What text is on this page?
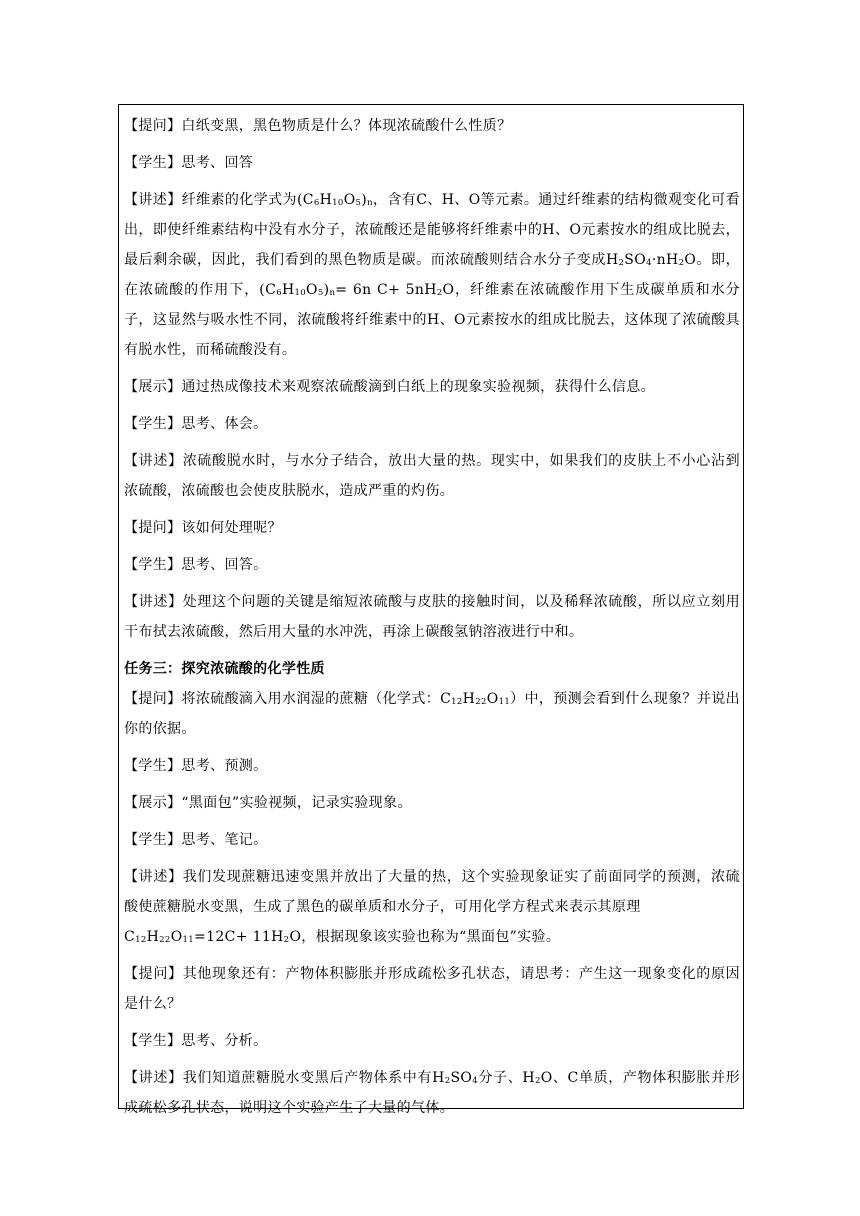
【提问】白纸变黑，黑色物质是什么？体现浓硫酸什么性质？

【学生】思考、回答

【讲述】纤维素的化学式为$(C_6H_{10}O_5)_n$，含有C、H、O等元素。通过纤维素的结构微观变化可看出，即使纤维素结构中没有水分子，浓硫酸还是能够将纤维素中的H、O元素按水的组成比脱去，最后剩余碳，因此，我们看到的黑色物质是碳。而浓硫酸则结合水分子变成$H_2SO_4\cdot nH_2O$。即，在浓硫酸的作用下，$(C_6H_{10}O_5)_n= 6n$ $C+ 5nH_2O$，纤维素在浓硫酸作用下生成碳单质和水分子，这显然与吸水性不同，浓硫酸将纤维素中的H、O元素按水的组成比脱去，这体现了浓硫酸具有脱水性，而稀硫酸没有。

【展示】通过热成像技术来观察浓硫酸滴到白纸上的现象实验视频，获得什么信息。

【学生】思考、体会。

【讲述】浓硫酸脱水时，与水分子结合，放出大量的热。现实中，如果我们的皮肤上不小心沾到浓硫酸，浓硫酸也会使皮肤脱水，造成严重的灼伤。

【提问】该如何处理呢？

【学生】思考、回答。

【讲述】处理这个问题的关键是缩短浓硫酸与皮肤的接触时间，以及稀释浓硫酸，所以应立刻用干布拭去浓硫酸，然后用大量的水冲洗，再涂上碳酸氢钠溶液进行中和。

任务三：探究浓硫酸的化学性质

【提问】将浓硫酸滴入用水润湿的蔗糖（化学式：$C_{12}H_{22}O_{11}$）中，预测会看到什么现象？并说出你的依据。

【学生】思考、预测。

【展示】“黑面包”实验视频，记录实验现象。

【学生】思考、笔记。

【讲述】我们发现蔗糖迅速变黑并放出了大量的热，这个实验现象证实了前面同学的预测，浓硫酸使蔗糖脱水变黑，生成了黑色的碳单质和水分子，可用化学方程式来表示其原理
$C_{12}H_{22}O_{11}=12C+ 11H_2O$，根据现象该实验也称为“黑面包”实验。

【提问】其他现象还有：产物体积膨胀并形成疏松多孔状态，请思考：产生这一现象变化的原因是什么？

【学生】思考、分析。

【讲述】我们知道蔗糖脱水变黑后产物体系中有$H_2SO_4$分子、$H_2O$、C单质，产物体积膨胀并形成疏松多孔状态，说明这个实验产生了大量的气体。
